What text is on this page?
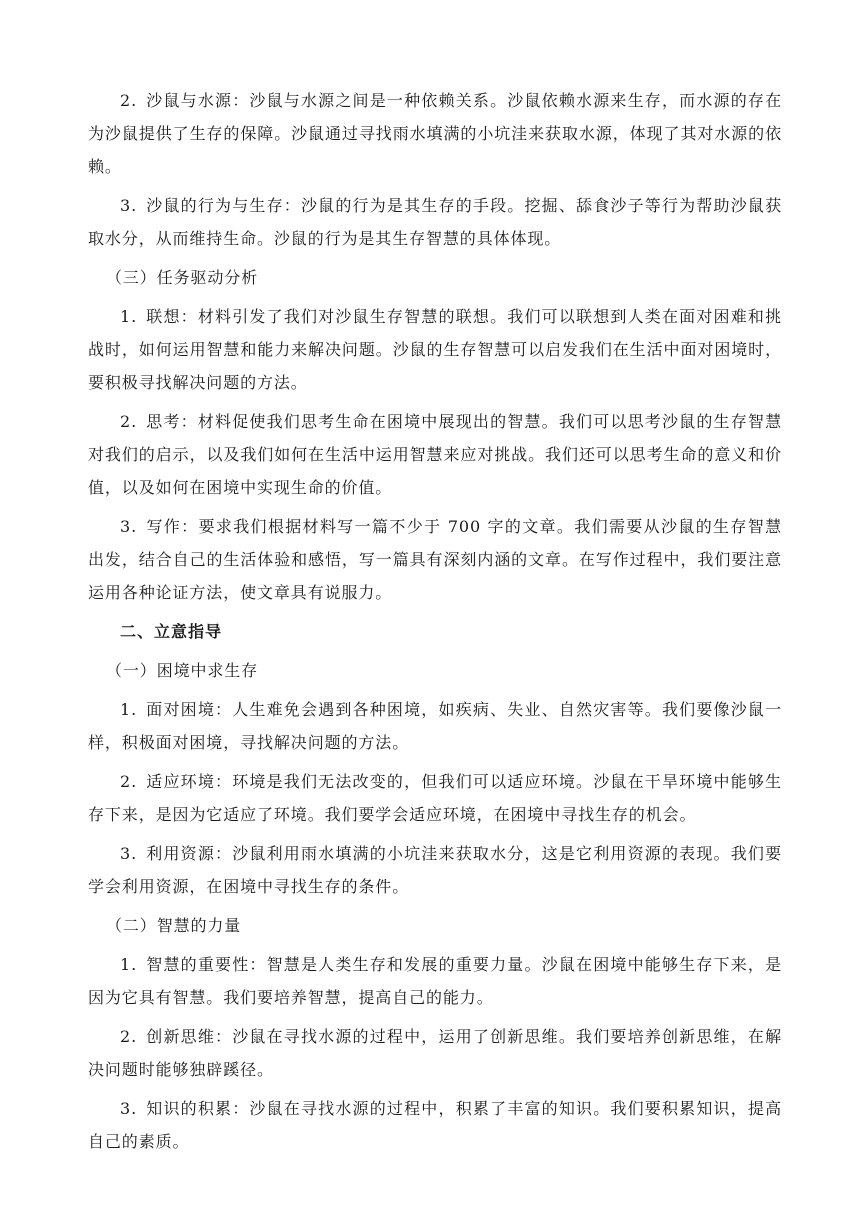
2. 沙鼠与水源：沙鼠与水源之间是一种依赖关系。沙鼠依赖水源来生存，而水源的存在为沙鼠提供了生存的保障。沙鼠通过寻找雨水填满的小坑洼来获取水源，体现了其对水源的依赖。

3. 沙鼠的行为与生存：沙鼠的行为是其生存的手段。挖掘、舔食沙子等行为帮助沙鼠获取水分，从而维持生命。沙鼠的行为是其生存智慧的具体体现。

（三）任务驱动分析

1. 联想：材料引发了我们对沙鼠生存智慧的联想。我们可以联想到人类在面对困难和挑战时，如何运用智慧和能力来解决问题。沙鼠的生存智慧可以启发我们在生活中面对困境时，要积极寻找解决问题的方法。

2. 思考：材料促使我们思考生命在困境中展现出的智慧。我们可以思考沙鼠的生存智慧对我们的启示，以及我们如何在生活中运用智慧来应对挑战。我们还可以思考生命的意义和价值，以及如何在困境中实现生命的价值。

3. 写作：要求我们根据材料写一篇不少于 700 字的文章。我们需要从沙鼠的生存智慧出发，结合自己的生活体验和感悟，写一篇具有深刻内涵的文章。在写作过程中，我们要注意运用各种论证方法，使文章具有说服力。

二、立意指导

（一）困境中求生存

1. 面对困境：人生难免会遇到各种困境，如疾病、失业、自然灾害等。我们要像沙鼠一样，积极面对困境，寻找解决问题的方法。

2. 适应环境：环境是我们无法改变的，但我们可以适应环境。沙鼠在干旱环境中能够生存下来，是因为它适应了环境。我们要学会适应环境，在困境中寻找生存的机会。

3. 利用资源：沙鼠利用雨水填满的小坑洼来获取水分，这是它利用资源的表现。我们要学会利用资源，在困境中寻找生存的条件。

（二）智慧的力量

1. 智慧的重要性：智慧是人类生存和发展的重要力量。沙鼠在困境中能够生存下来，是因为它具有智慧。我们要培养智慧，提高自己的能力。

2. 创新思维：沙鼠在寻找水源的过程中，运用了创新思维。我们要培养创新思维，在解决问题时能够独辟蹊径。

3. 知识的积累：沙鼠在寻找水源的过程中，积累了丰富的知识。我们要积累知识，提高自己的素质。
